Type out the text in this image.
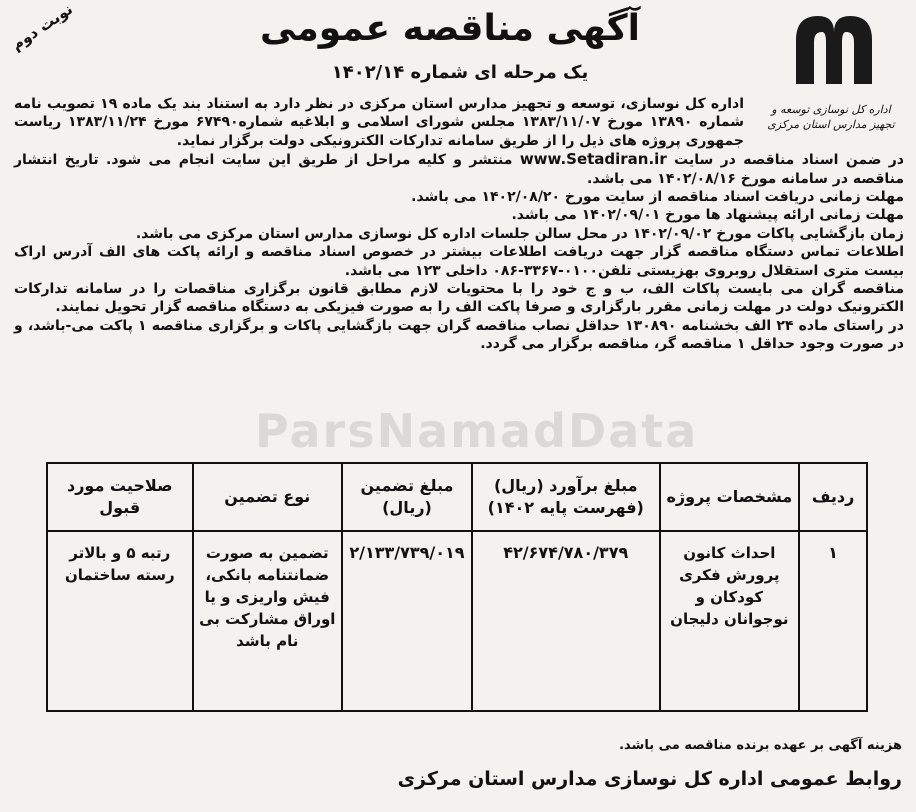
ParsNamadData
نوبت دوم
اداره کل نوسازی توسعه و تجهیز مدارس استان مرکزی
آگهی مناقصه عمومی
یک مرحله ای شماره ۱۴۰۲/۱۴

اداره کل نوسازی، توسعه و تجهیز مدارس استان مرکزی در نظر دارد به استناد بند یک ماده ۱۹ تصویب نامه شماره ۱۳۸۹۰ مورخ ۱۳۸۳/۱۱/۰۷ مجلس شورای اسلامی و ابلاغیه شماره۶۷۴۹۰ مورخ ۱۳۸۳/۱۱/۲۴ ریاست جمهوری پروژه های ذیل را از طریق سامانه تدارکات الکترونیکی دولت برگزار نماید.

در ضمن اسناد مناقصه در سایت www.Setadiran.ir منتشر و کلیه مراحل از طریق این سایت انجام می شود. تاریخ انتشار مناقصه در سامانه مورخ ۱۴۰۲/۰۸/۱۶ می باشد.

مهلت زمانی دریافت اسناد مناقصه از سایت مورخ ۱۴۰۲/۰۸/۲۰ می باشد.

مهلت زمانی ارائه پیشنهاد ها مورخ ۱۴۰۲/۰۹/۰۱ می باشد.

زمان بازگشایی پاکات مورخ ۱۴۰۲/۰۹/۰۲ در محل سالن جلسات اداره کل نوسازی مدارس استان مرکزی می باشد.

اطلاعات تماس دستگاه مناقصه گزار جهت دریافت اطلاعات بیشتر در خصوص اسناد مناقصه و ارائه پاکت های الف آدرس اراک بیست متری استقلال روبروی بهزیستی تلفن۰۱۰۰-۳۳۶۷-۰۸۶ داخلی ۱۲۳ می باشد.

مناقصه گران می بایست پاکات الف، ب و ج خود را با محتویات لازم مطابق قانون برگزاری مناقصات را در سامانه تدارکات الکترونیک دولت در مهلت زمانی مقرر بارگزاری و صرفا پاکت الف را به صورت فیزیکی به دستگاه مناقصه گزار تحویل نمایند.

در راستای ماده ۲۴ الف بخشنامه ۱۳۰۸۹۰ حداقل نصاب مناقصه گران جهت بازگشایی پاکات و برگزاری مناقصه ۱ پاکت می-باشد، و در صورت وجود حداقل ۱ مناقصه گر، مناقصه برگزار می گردد.

ردیف	مشخصات پروژه	مبلغ برآورد (ریال) (فهرست پایه ۱۴۰۲)	مبلغ تضمین (ریال)	نوع تضمین	صلاحیت مورد قبول
۱	احداث کانون پرورش فکری کودکان و نوجوانان دلیجان	۴۲/۶۷۴/۷۸۰/۳۷۹	۲/۱۳۳/۷۳۹/۰۱۹	تضمین به صورت ضمانتنامه بانکی، فیش واریزی و یا اوراق مشارکت بی نام باشد	رتبه ۵ و بالاتر رسته ساختمان
هزینه آگهی بر عهده برنده مناقصه می باشد.
روابط عمومی اداره کل نوسازی مدارس استان مرکزی
